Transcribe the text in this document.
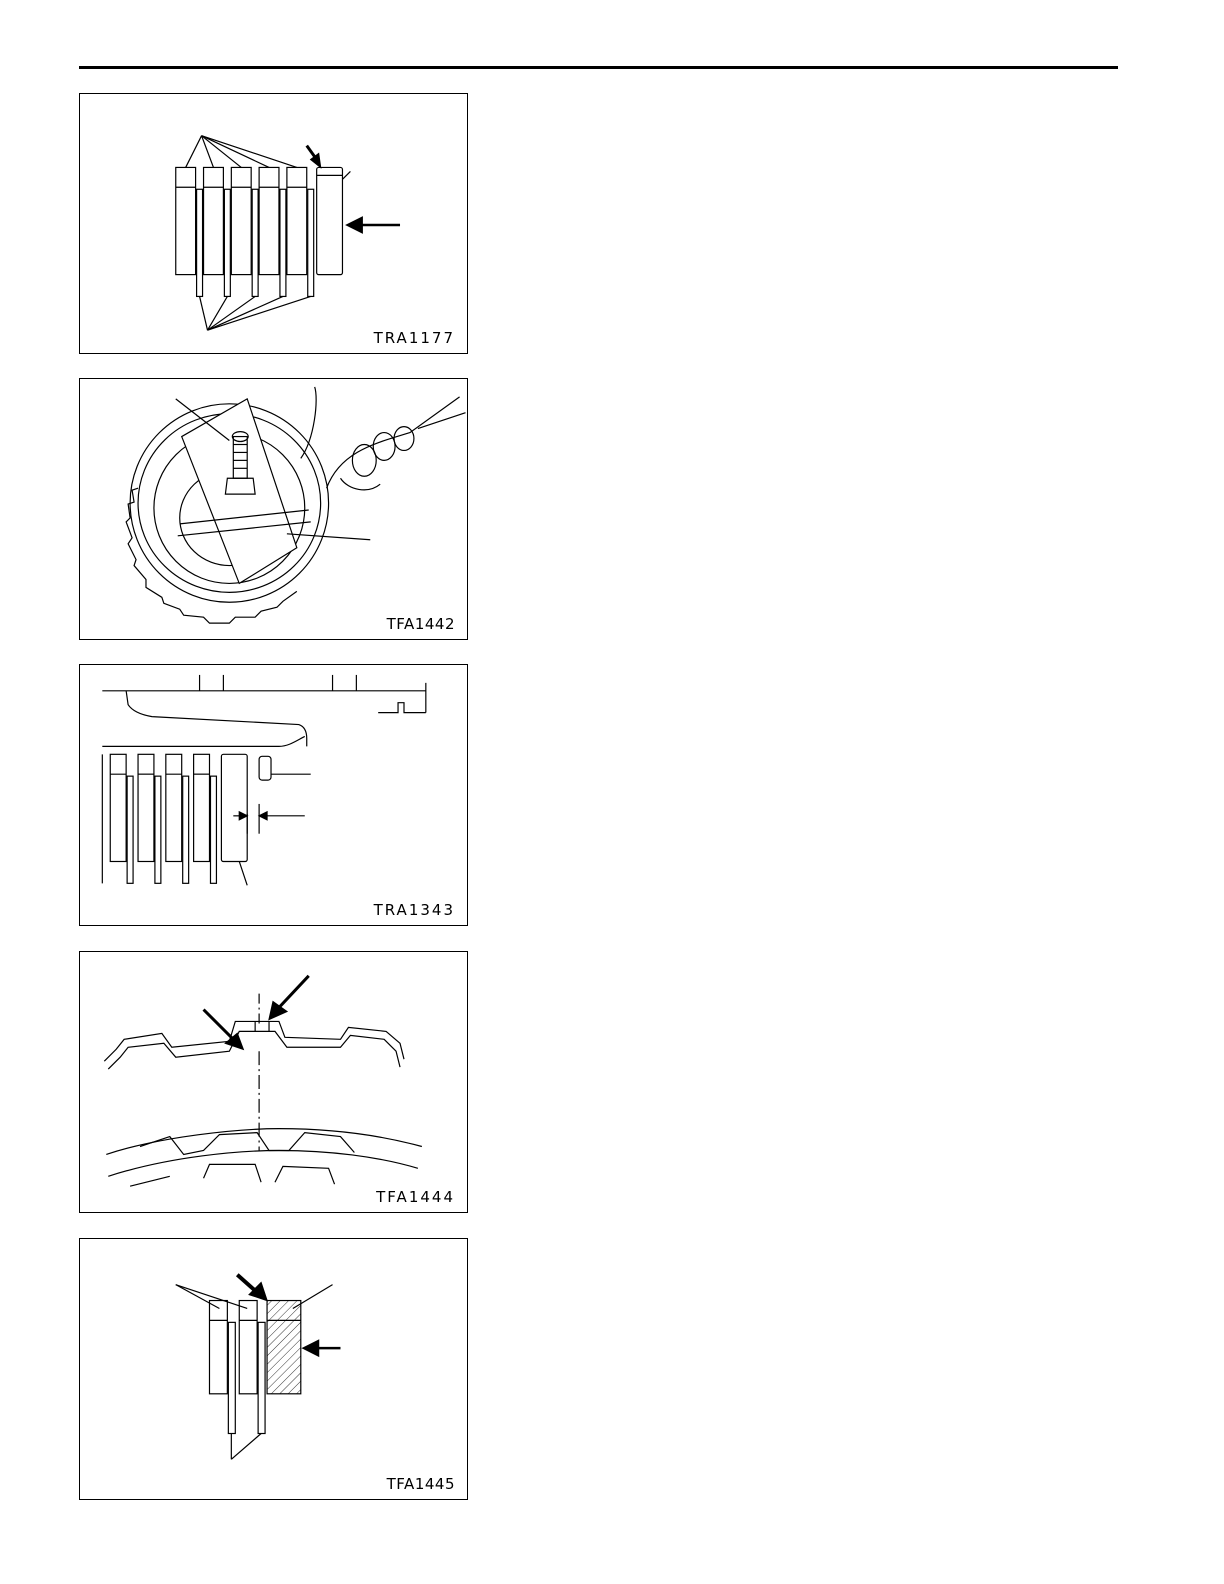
TRA1177
TFA1442
TRA1343
TFA1444
TFA1445
